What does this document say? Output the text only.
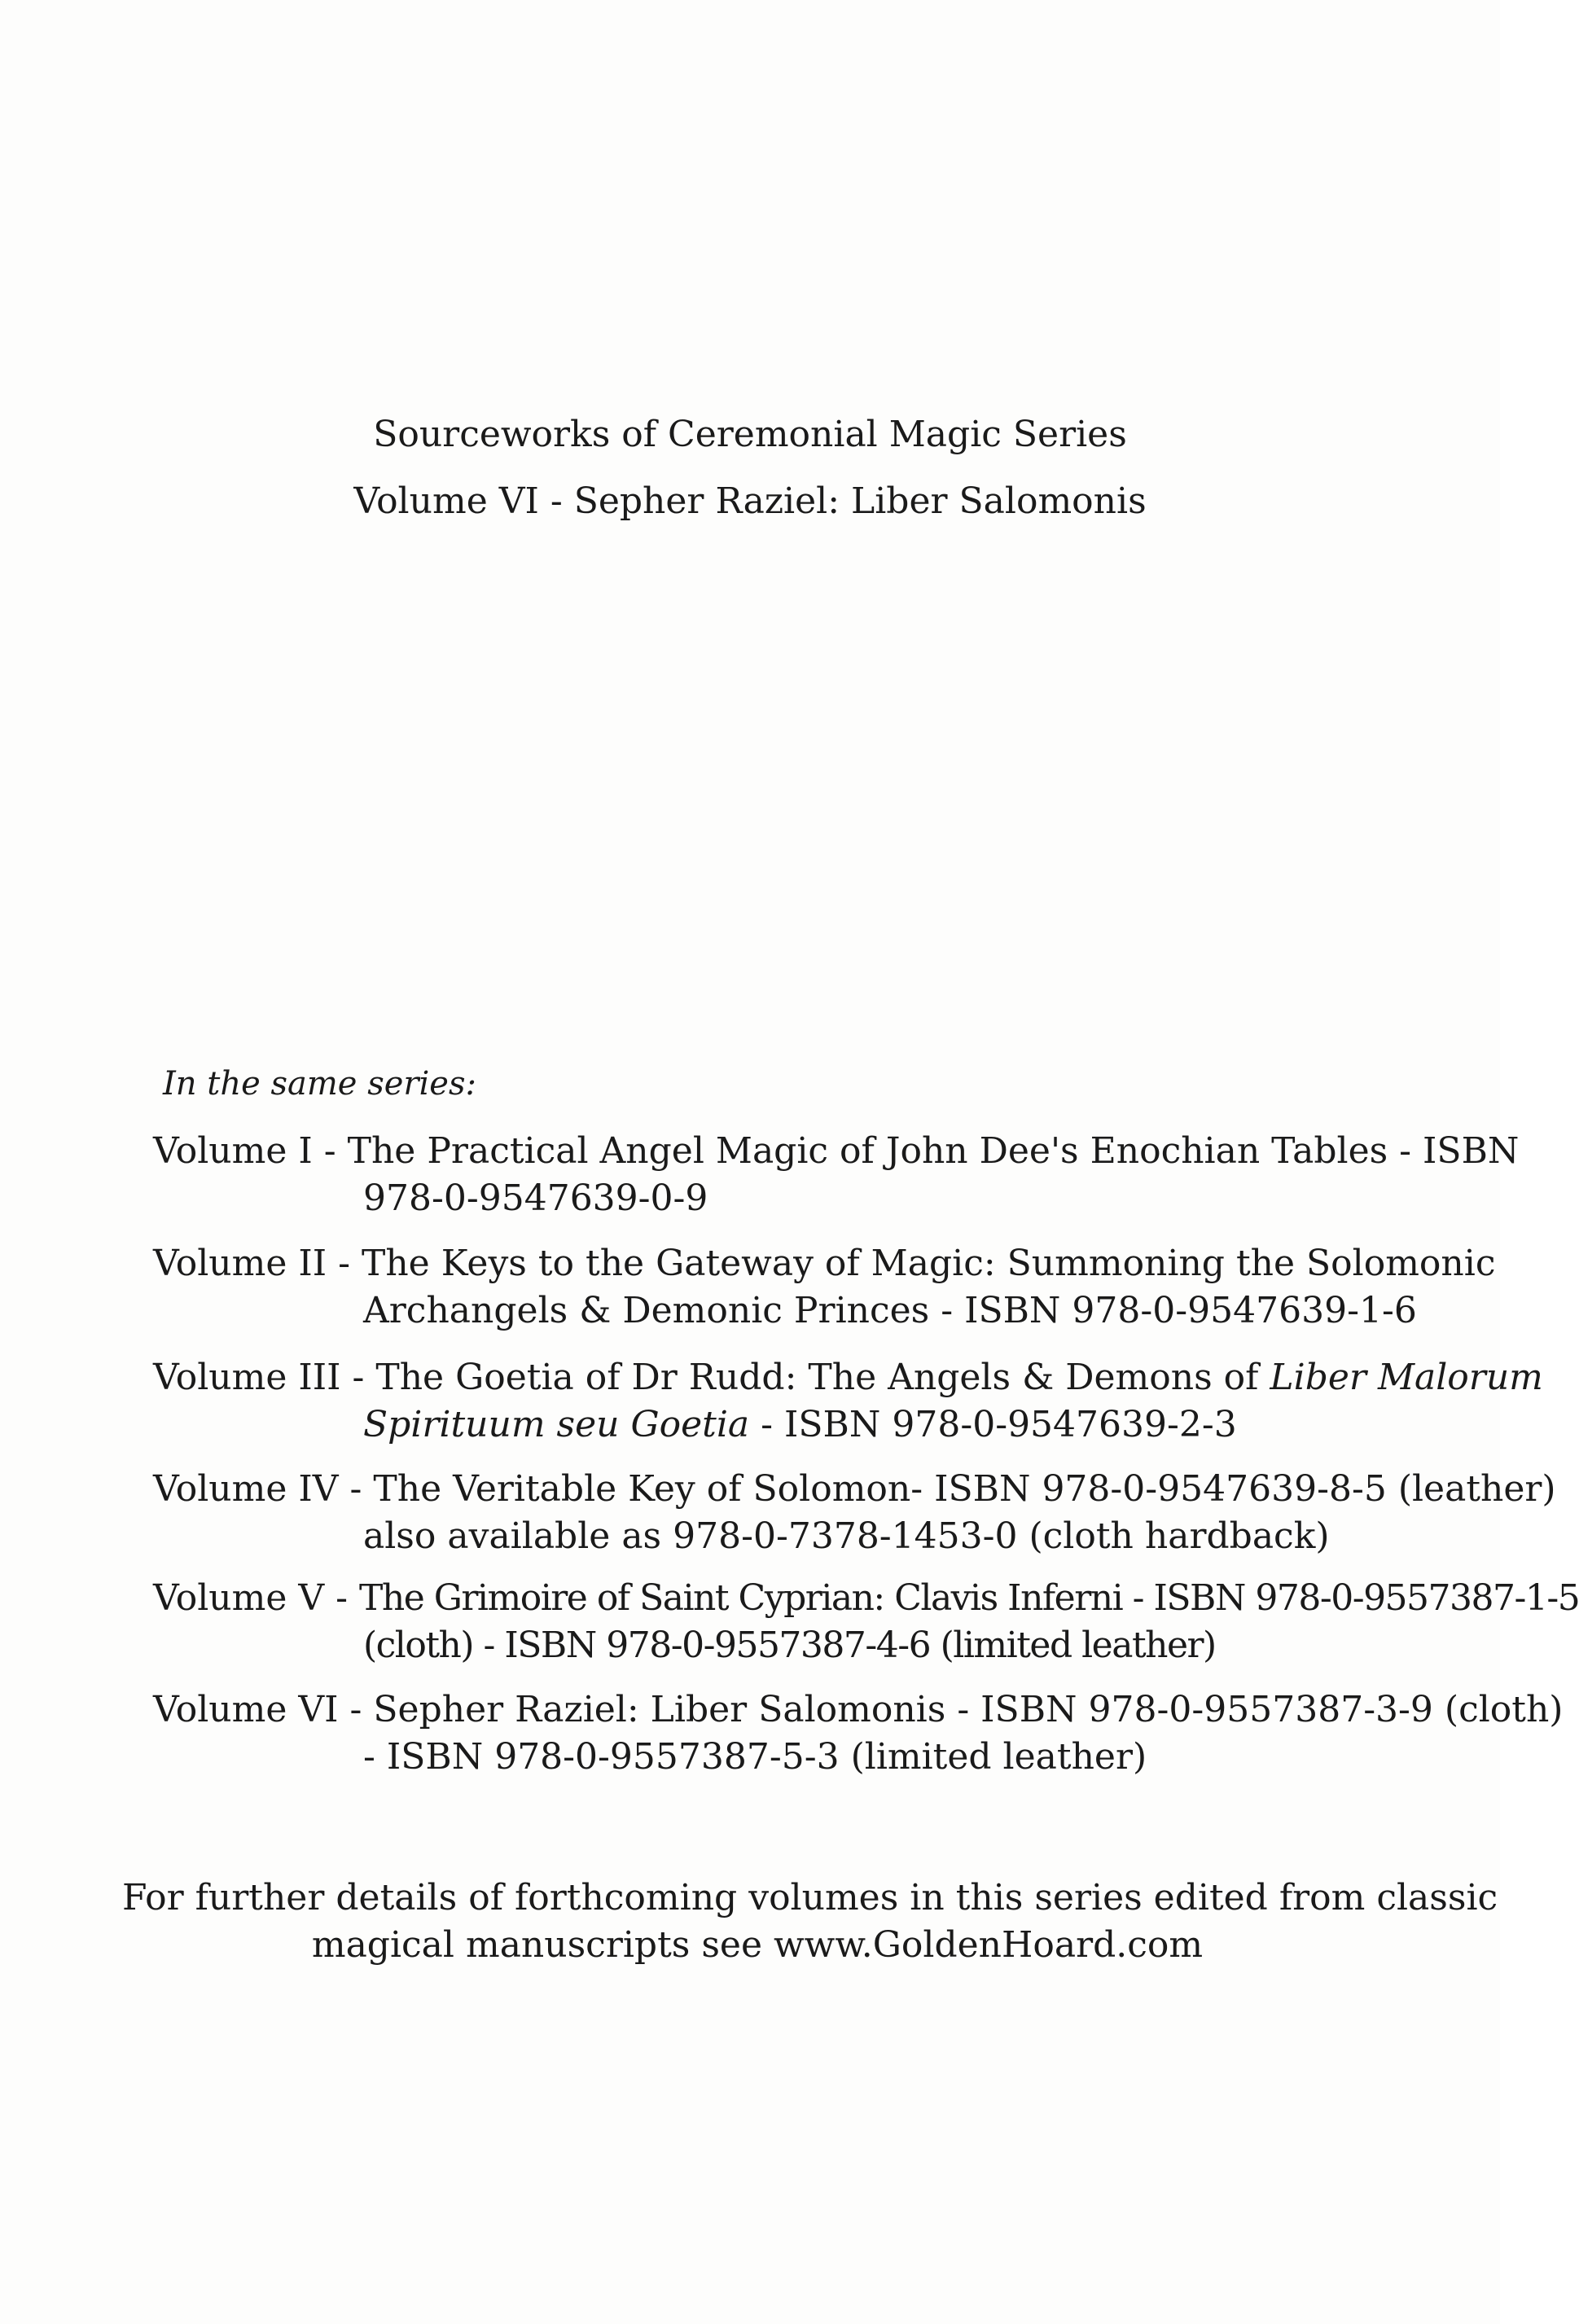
Sourceworks of Ceremonial Magic Series
Volume VI - Sepher Raziel: Liber Salomonis
In the same series:
Volume I - The Practical Angel Magic of John Dee's Enochian Tables - ISBN
978-0-9547639-0-9
Volume II - The Keys to the Gateway of Magic: Summoning the Solomonic
Archangels & Demonic Princes - ISBN 978-0-9547639-1-6
Volume III - The Goetia of Dr Rudd: The Angels & Demons of Liber Malorum
Spirituum seu Goetia - ISBN 978-0-9547639-2-3
Volume IV - The Veritable Key of Solomon- ISBN 978-0-9547639-8-5 (leather)
also available as 978-0-7378-1453-0 (cloth hardback)
Volume V - The Grimoire of Saint Cyprian: Clavis Inferni - ISBN 978-0-9557387-1-5
(cloth) - ISBN 978-0-9557387-4-6 (limited leather)
Volume VI - Sepher Raziel: Liber Salomonis - ISBN 978-0-9557387-3-9 (cloth)
- ISBN 978-0-9557387-5-3 (limited leather)
For further details of forthcoming volumes in this series edited from classic
magical manuscripts see www.GoldenHoard.com
